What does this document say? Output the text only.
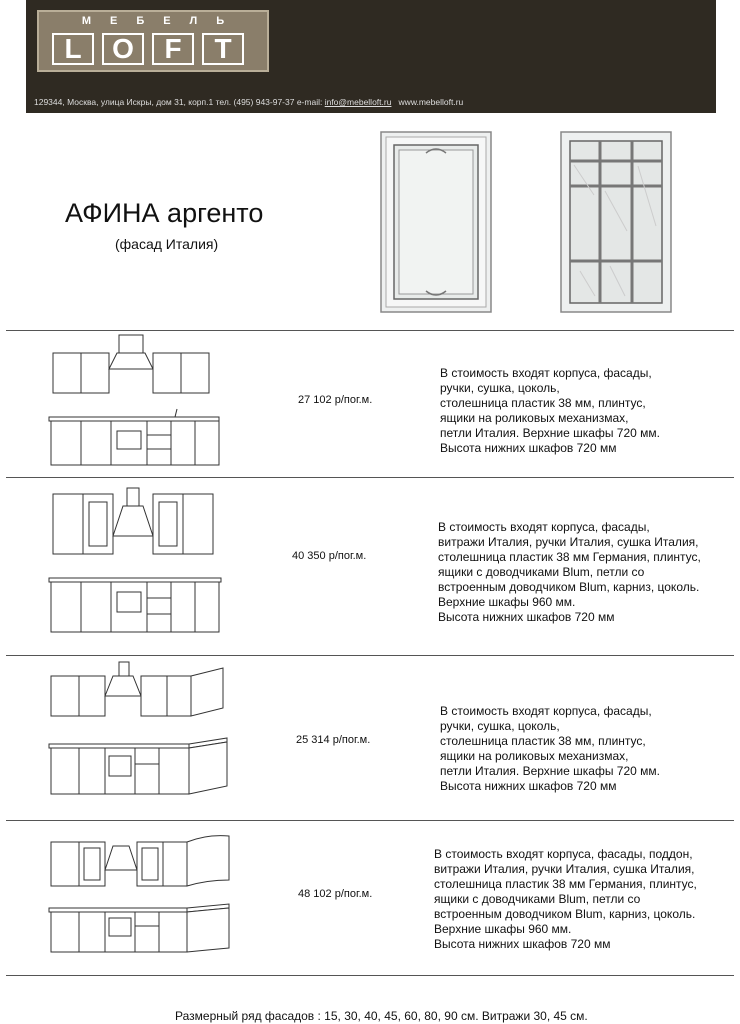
МЕБЕЛЬ
L	O	F	T
129344, Москва, улица Искры, дом 31, корп.1 тел. (495) 943-97-37 e-mail: info@mebelloft.ru www.mebelloft.ru
АФИНА аргенто
(фасад Италия)
27 102 р/пог.м.
В стоимость входят корпуса, фасады,
ручки, сушка, цоколь,
столешница пластик 38 мм, плинтус,
ящики на роликовых механизмах,
петли Италия. Верхние шкафы 720 мм.
Высота нижних шкафов 720 мм
40 350 р/пог.м.
В стоимость входят корпуса, фасады,
витражи Италия, ручки Италия, сушка Италия,
столешница пластик 38 мм Германия, плинтус,
ящики с доводчиками Blum, петли со
встроенным доводчиком Blum, карниз, цоколь.
Верхние шкафы 960 мм.
Высота нижних шкафов 720 мм
25 314 р/пог.м.
В стоимость входят корпуса, фасады,
ручки, сушка, цоколь,
столешница пластик 38 мм, плинтус,
ящики на роликовых механизмах,
петли Италия. Верхние шкафы 720 мм.
Высота нижних шкафов 720 мм
48 102 р/пог.м.
В стоимость входят корпуса, фасады, поддон,
витражи Италия, ручки Италия, сушка Италия,
столешница пластик 38 мм Германия, плинтус,
ящики с доводчиками Blum, петли со
встроенным доводчиком Blum, карниз, цоколь.
Верхние шкафы 960 мм.
Высота нижних шкафов 720 мм
Размерный ряд фасадов : 15, 30, 40, 45, 60, 80, 90 см. Витражи 30, 45 см.
